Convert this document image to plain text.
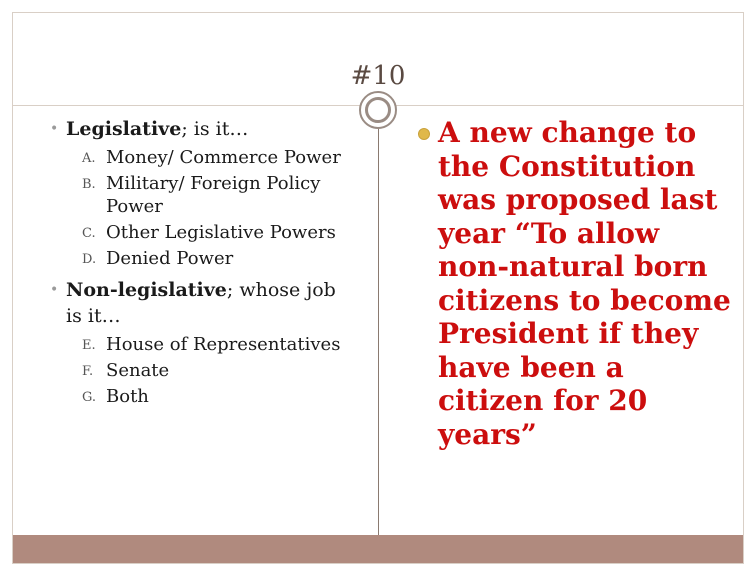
#10
• Legislative; is it…
A. Money/ Commerce Power
B. Military/ Foreign Policy Power
C. Other Legislative Powers
D. Denied Power
• Non-legislative; whose job is it…
E. House of Representatives
F. Senate
G. Both
A new change to the Constitution was proposed last year “To allow non-natural born citizens to become President if they have been a citizen for 20 years”
